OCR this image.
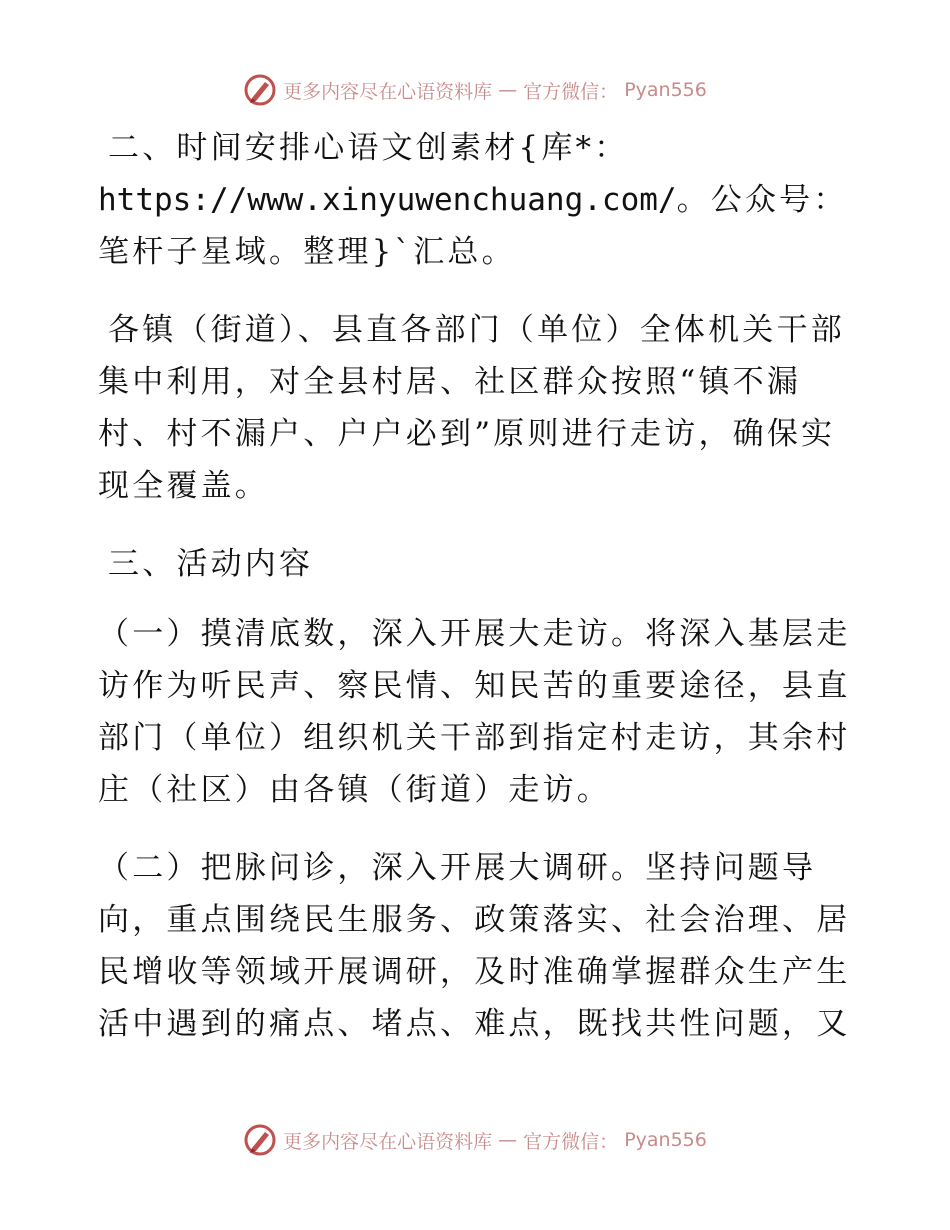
更多内容尽在心语资料库 — 官方微信： Pyan556

二、时间安排心语文创素材{库*：https://www.xinyuwenchuang.com/。公众号：笔杆子星域。整理}`汇总。

各镇（街道）、县直各部门（单位）全体机关干部集中利用，对全县村居、社区群众按照“镇不漏村、村不漏户、户户必到”原则进行走访，确保实现全覆盖。

三、活动内容

（一）摸清底数，深入开展大走访。将深入基层走访作为听民声、察民情、知民苦的重要途径，县直部门（单位）组织机关干部到指定村走访，其余村庄（社区）由各镇（街道）走访。

（二）把脉问诊，深入开展大调研。坚持问题导向，重点围绕民生服务、政策落实、社会治理、居民增收等领域开展调研，及时准确掌握群众生产生活中遇到的痛点、堵点、难点，既找共性问题，又

更多内容尽在心语资料库 — 官方微信： Pyan556
